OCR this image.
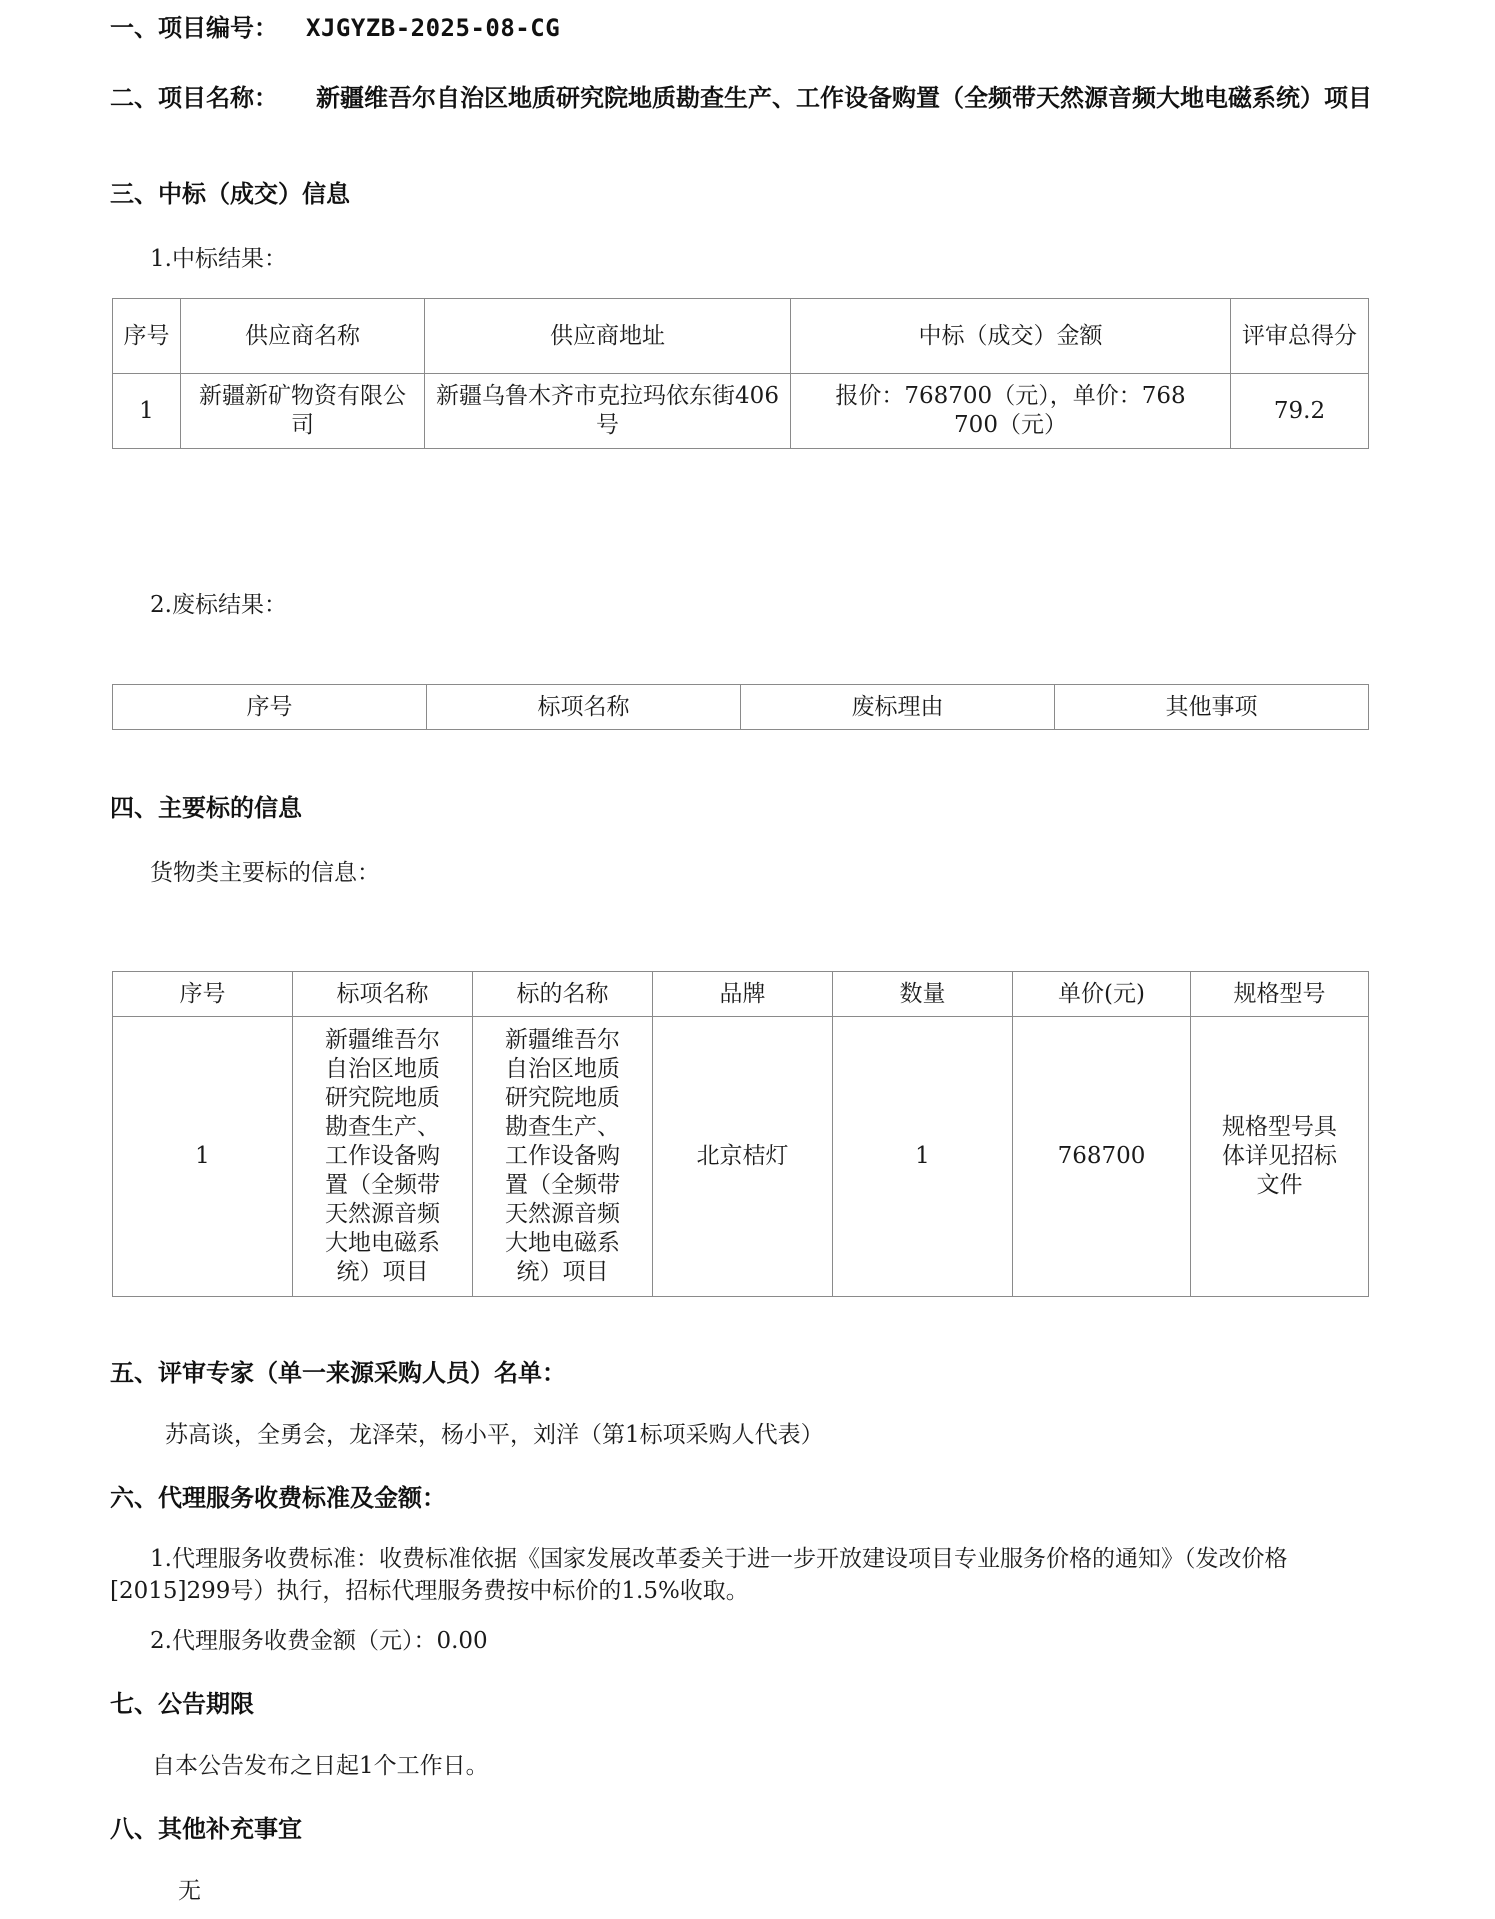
一、项目编号： XJGYZB-2025-08-CG
二、项目名称： 新疆维吾尔自治区地质研究院地质勘查生产、工作设备购置（全频带天然源音频大地电磁系统）项目
三、中标（成交）信息
1.中标结果：
序号	供应商名称	供应商地址	中标（成交）金额	评审总得分
1	新疆新矿物资有限公司	新疆乌鲁木齐市克拉玛依东街406号	报价：768700（元），单价：768700（元）	79.2
2.废标结果：
序号	标项名称	废标理由	其他事项
四、主要标的信息
货物类主要标的信息：
序号	标项名称	标的名称	品牌	数量	单价(元)	规格型号
1	新疆维吾尔自治区地质研究院地质勘查生产、工作设备购置（全频带天然源音频大地电磁系统）项目	新疆维吾尔自治区地质研究院地质勘查生产、工作设备购置（全频带天然源音频大地电磁系统）项目	北京桔灯	1	768700	规格型号具体详见招标文件
五、评审专家（单一来源采购人员）名单：
苏高谈，全勇会，龙泽荣，杨小平，刘洋（第1标项采购人代表）
六、代理服务收费标准及金额：
1.代理服务收费标准：收费标准依据《国家发展改革委关于进一步开放建设项目专业服务价格的通知》（发改价格[2015]299号）执行，招标代理服务费按中标价的1.5%收取。
2.代理服务收费金额（元）：0.00
七、公告期限
自本公告发布之日起1个工作日。
八、其他补充事宜
无
